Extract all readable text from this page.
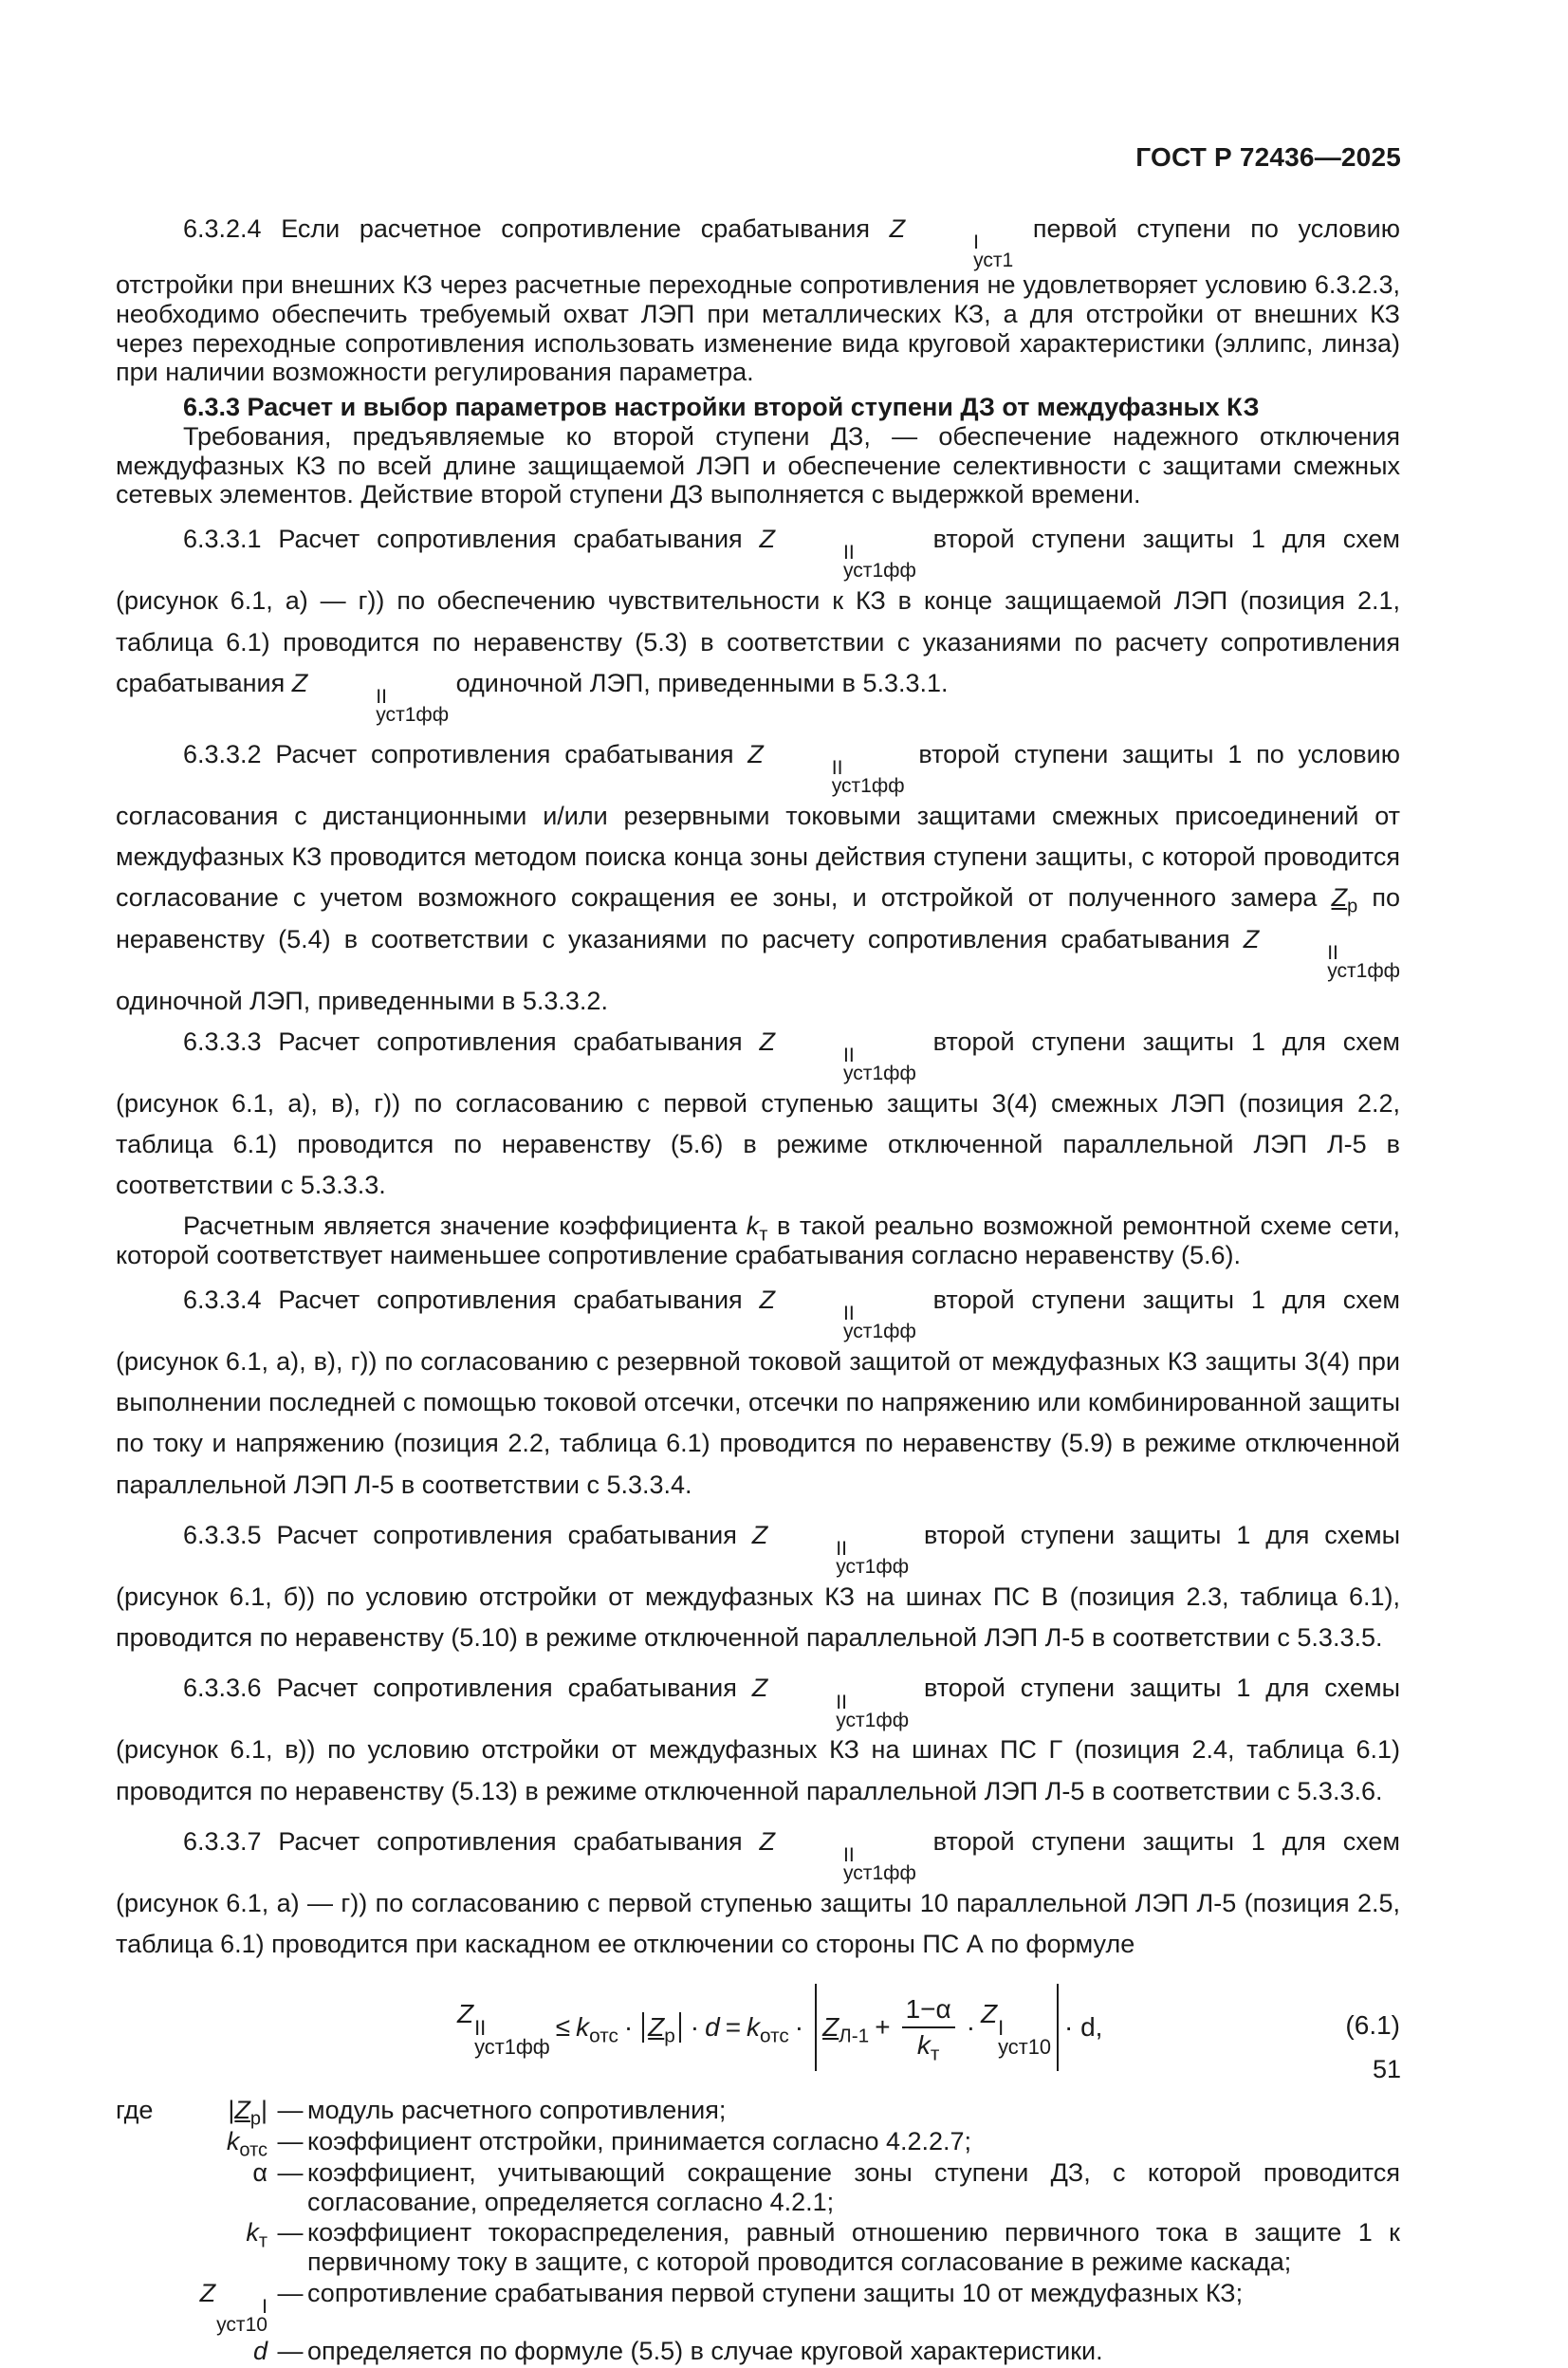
ГОСТ Р 72436—2025

6.3.2.4 Если расчетное сопротивление срабатывания Z	I
уст1
первой ступени по условию отстройки при внешних КЗ через расчетные переходные сопротивления не удовлетворяет условию 6.3.2.3, необходимо обеспечить требуемый охват ЛЭП при металлических КЗ, а для отстройки от внешних КЗ через переходные сопротивления использовать изменение вида круговой характеристики (эллипс, линза) при наличии возможности регулирования параметра.

6.3.3 Расчет и выбор параметров настройки второй ступени ДЗ от междуфазных КЗ

Требования, предъявляемые ко второй ступени ДЗ, — обеспечение надежного отключения междуфазных КЗ по всей длине защищаемой ЛЭП и обеспечение селективности с защитами смежных сетевых элементов. Действие второй ступени ДЗ выполняется с выдержкой времени.

6.3.3.1 Расчет сопротивления срабатывания Z	II
уст1фф
второй ступени защиты 1 для схем (рисунок 6.1, а) — г)) по обеспечению чувствительности к КЗ в конце защищаемой ЛЭП (позиция 2.1, таблица 6.1) проводится по неравенству (5.3) в соответствии с указаниями по расчету сопротивления срабатывания Z	II
уст1фф
одиночной ЛЭП, приведенными в 5.3.3.1.

6.3.3.2 Расчет сопротивления срабатывания Z	II
уст1фф
второй ступени защиты 1 по условию согласования с дистанционными и/или резервными токовыми защитами смежных присоединений от междуфазных КЗ проводится методом поиска конца зоны действия ступени защиты, с которой проводится согласование с учетом возможного сокращения ее зоны, и отстройкой от полученного замера $Z_р$ по неравенству (5.4) в соответствии с указаниями по расчету сопротивления срабатывания Z	II
уст1фф
одиночной ЛЭП, приведенными в 5.3.3.2.

6.3.3.3 Расчет сопротивления срабатывания Z	II
уст1фф
второй ступени защиты 1 для схем (рисунок 6.1, а), в), г)) по согласованию с первой ступенью защиты 3(4) смежных ЛЭП (позиция 2.2, таблица 6.1) проводится по неравенству (5.6) в режиме отключенной параллельной ЛЭП Л-5 в соответствии с 5.3.3.3.

Расчетным является значение коэффициента $k_т$ в такой реально возможной ремонтной схеме сети, которой соответствует наименьшее сопротивление срабатывания согласно неравенству (5.6).

6.3.3.4 Расчет сопротивления срабатывания Z	II
уст1фф
второй ступени защиты 1 для схем (рисунок 6.1, а), в), г)) по согласованию с резервной токовой защитой от междуфазных КЗ защиты 3(4) при выполнении последней с помощью токовой отсечки, отсечки по напряжению или комбинированной защиты по току и напряжению (позиция 2.2, таблица 6.1) проводится по неравенству (5.9) в режиме отключенной параллельной ЛЭП Л-5 в соответствии с 5.3.3.4.

6.3.3.5 Расчет сопротивления срабатывания Z	II
уст1фф
второй ступени защиты 1 для схемы (рисунок 6.1, б)) по условию отстройки от междуфазных КЗ на шинах ПС В (позиция 2.3, таблица 6.1), проводится по неравенству (5.10) в режиме отключенной параллельной ЛЭП Л-5 в соответствии с 5.3.3.5.

6.3.3.6 Расчет сопротивления срабатывания Z	II
уст1фф
второй ступени защиты 1 для схемы (рисунок 6.1, в)) по условию отстройки от междуфазных КЗ на шинах ПС Г (позиция 2.4, таблица 6.1) проводится по неравенству (5.13) в режиме отключенной параллельной ЛЭП Л-5 в соответствии с 5.3.3.6.

6.3.3.7 Расчет сопротивления срабатывания Z	II
уст1фф
второй ступени защиты 1 для схем (рисунок 6.1, а) — г)) по согласованию с первой ступенью защиты 10 параллельной ЛЭП Л-5 (позиция 2.5, таблица 6.1) проводится при каскадном ее отключении со стороны ПС А по формуле

Z II
уст1фф
≤ $k_{отс} \cdot Z_р \cdot d = k_{отс} \cdot Z_{Л-1} + \frac{1-\alpha}{k_т} \cdot Z$ I
уст10
· d,	(6.1)
где	$|Z_р|$ — модуль расчетного сопротивления;
$k_{отс}$ — коэффициент отстройки, принимается согласно 4.2.2.7;
α — коэффициент, учитывающий сокращение зоны ступени ДЗ, с которой проводится согласование, определяется согласно 4.2.1;
$k_т$ — коэффициент токораспределения, равный отношению первичного тока в защите 1 к первичному току в защите, с которой проводится согласование в режиме каскада;
Z	I
уст10
— сопротивление срабатывания первой ступени защиты 10 от междуфазных КЗ;
d — определяется по формуле (5.5) в случае круговой характеристики.
51
